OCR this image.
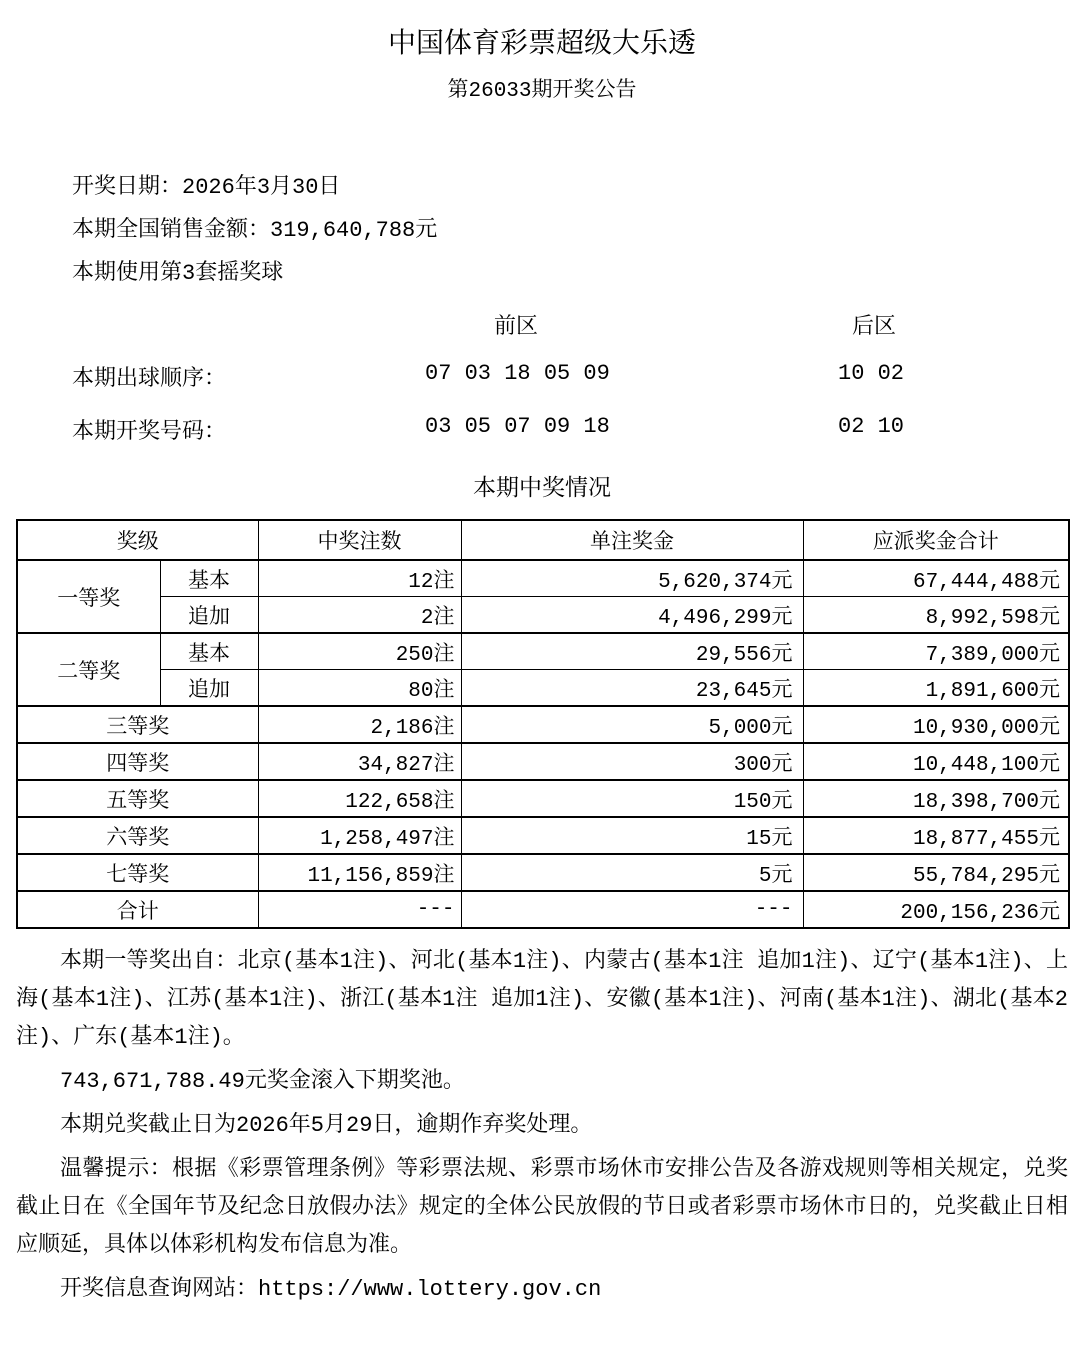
中国体育彩票超级大乐透
第26033期开奖公告
开奖日期：2026年3月30日
本期全国销售金额：319,640,788元
本期使用第3套摇奖球
前区	后区
本期出球顺序：	07 03 18 05 09	10 02
本期开奖号码：	03 05 07 09 18	02 10
本期中奖情况
奖级		中奖注数	单注奖金	应派奖金合计
一等奖	基本	12注	5,620,374元	67,444,488元
	追加	2注	4,496,299元	8,992,598元
二等奖	基本	250注	29,556元	7,389,000元
	追加	80注	23,645元	1,891,600元
三等奖		2,186注	5,000元	10,930,000元
四等奖		34,827注	300元	10,448,100元
五等奖		122,658注	150元	18,398,700元
六等奖		1,258,497注	15元	18,877,455元
七等奖		11,156,859注	5元	55,784,295元
合计		---	---	200,156,236元

本期一等奖出自：北京(基本1注)、河北(基本1注)、内蒙古(基本1注 追加1注)、辽宁(基本1注)、上海(基本1注)、江苏(基本1注)、浙江(基本1注 追加1注)、安徽(基本1注)、河南(基本1注)、湖北(基本2注)、广东(基本1注)。

743,671,788.49元奖金滚入下期奖池。

本期兑奖截止日为2026年5月29日，逾期作弃奖处理。

温馨提示：根据《彩票管理条例》等彩票法规、彩票市场休市安排公告及各游戏规则等相关规定，兑奖截止日在《全国年节及纪念日放假办法》规定的全体公民放假的节日或者彩票市场休市日的，兑奖截止日相应顺延，具体以体彩机构发布信息为准。

开奖信息查询网站：https://www.lottery.gov.cn
